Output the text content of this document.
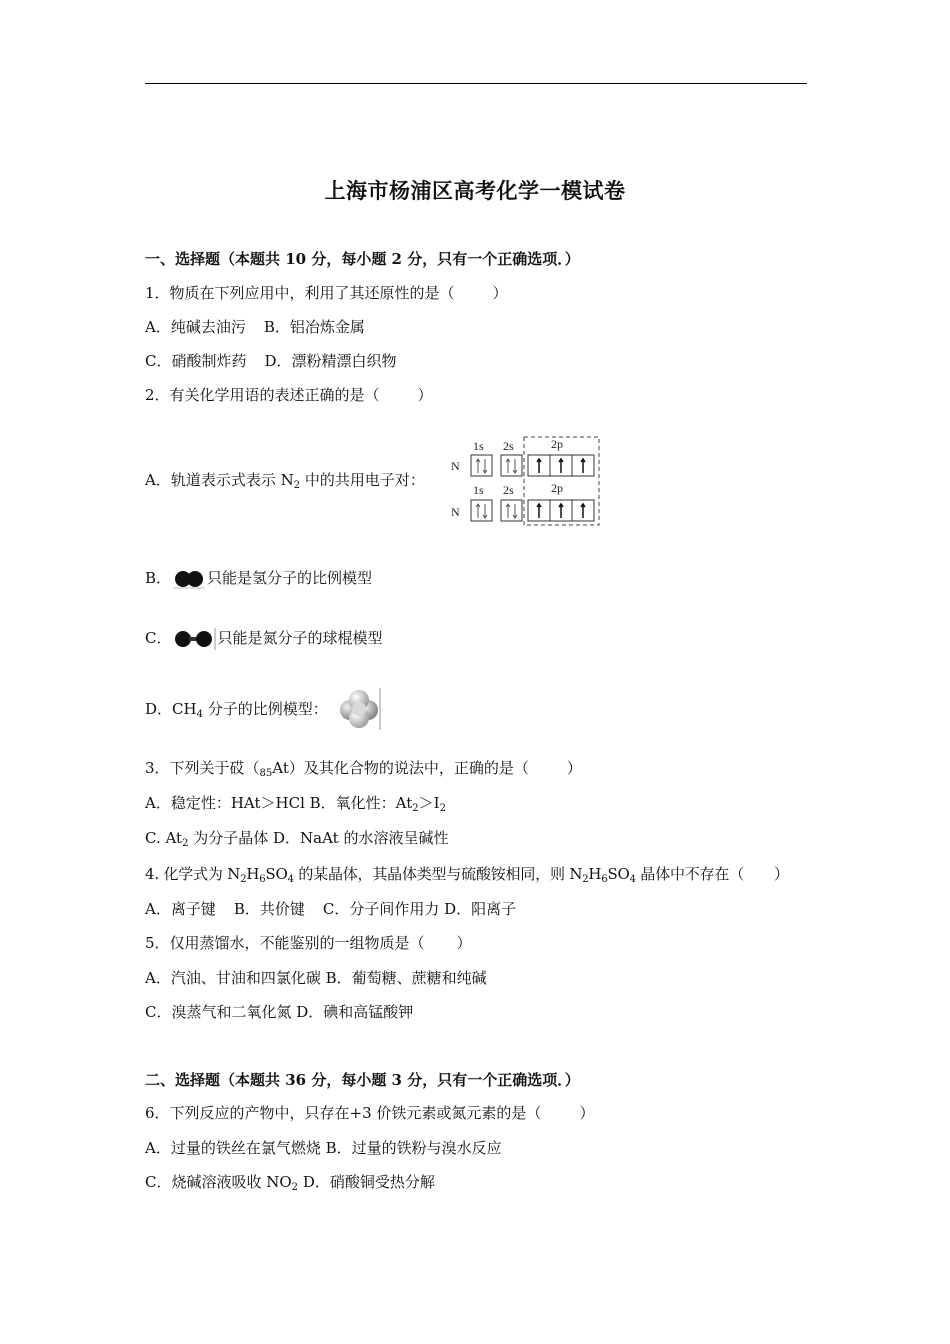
上海市杨浦区高考化学一模试卷
一、选择题（本题共 10 分，每小题 2 分，只有一个正确选项．）
1．物质在下列应用中，利用了其还原性的是（	）
A．纯碱去油污 B．铝冶炼金属
C．硝酸制炸药 D．漂粉精漂白织物
2．有关化学用语的表述正确的是（	）
A．轨道表示式表示 $N_2$ 中的共用电子对：
N
1s 2s	2p
N
1s 2s	2p
B． 只能是氢分子的比例模型
C．	只能是氮分子的球棍模型
D．$CH_4$ 分子的比例模型：
3．下列关于砹$(_{85}At)$及其化合物的说法中，正确的是（	）
A．稳定性：HAt＞HCl B．氧化性：$At_2>I_2$
C. $At_2$ 为分子晶体 D．NaAt 的水溶液呈碱性
4. 化学式为 $N_2H_6SO_4$ 的某晶体，其晶体类型与硫酸铵相同，则 $N_2H_6SO_4$ 晶体中不存在（ ）
A．离子键 B．共价键 C．分子间作用力 D．阳离子
5．仅用蒸馏水，不能鉴别的一组物质是（ ）
A．汽油、甘油和四氯化碳 B．葡萄糖、蔗糖和纯碱
C．溴蒸气和二氧化氮 D．碘和高锰酸钾
二、选择题（本题共 36 分，每小题 3 分，只有一个正确选项．）
6．下列反应的产物中，只存在+3 价铁元素或氮元素的是（	）
A．过量的铁丝在氯气燃烧 B．过量的铁粉与溴水反应
C．烧碱溶液吸收 $NO_2$ D．硝酸铜受热分解
